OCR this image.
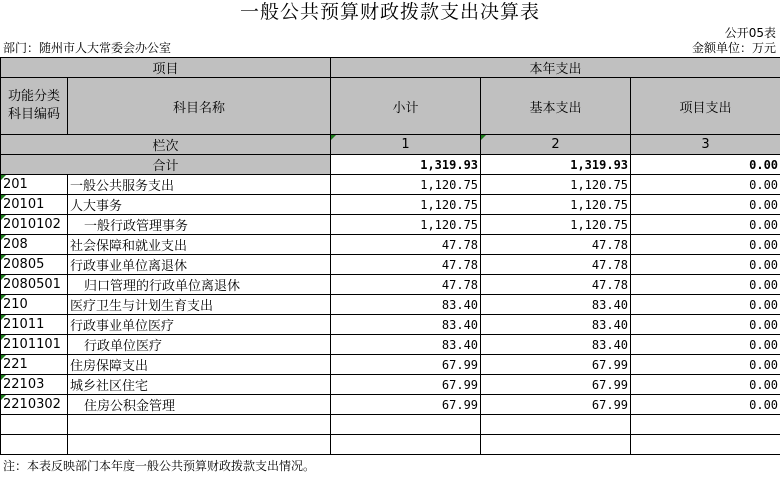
一般公共预算财政拨款支出决算表
公开05表
部门：随州市人大常委会办公室	金额单位：万元
项目		本年支出		
功能分类
科目编码	科目名称	小计	基本支出	项目支出
栏次		1	2	3
合计		1,319.93	1,319.93	0.00
201	一般公共服务支出	1,120.75	1,120.75	0.00
20101	人大事务	1,120.75	1,120.75	0.00
2010102	一般行政管理事务	1,120.75	1,120.75	0.00
208	社会保障和就业支出	47.78	47.78	0.00
20805	行政事业单位离退休	47.78	47.78	0.00
2080501	归口管理的行政单位离退休	47.78	47.78	0.00
210	医疗卫生与计划生育支出	83.40	83.40	0.00
21011	行政事业单位医疗	83.40	83.40	0.00
2101101	行政单位医疗	83.40	83.40	0.00
221	住房保障支出	67.99	67.99	0.00
22103	城乡社区住宅	67.99	67.99	0.00
2210302	住房公积金管理	67.99	67.99	0.00

注：本表反映部门本年度一般公共预算财政拨款支出情况。
